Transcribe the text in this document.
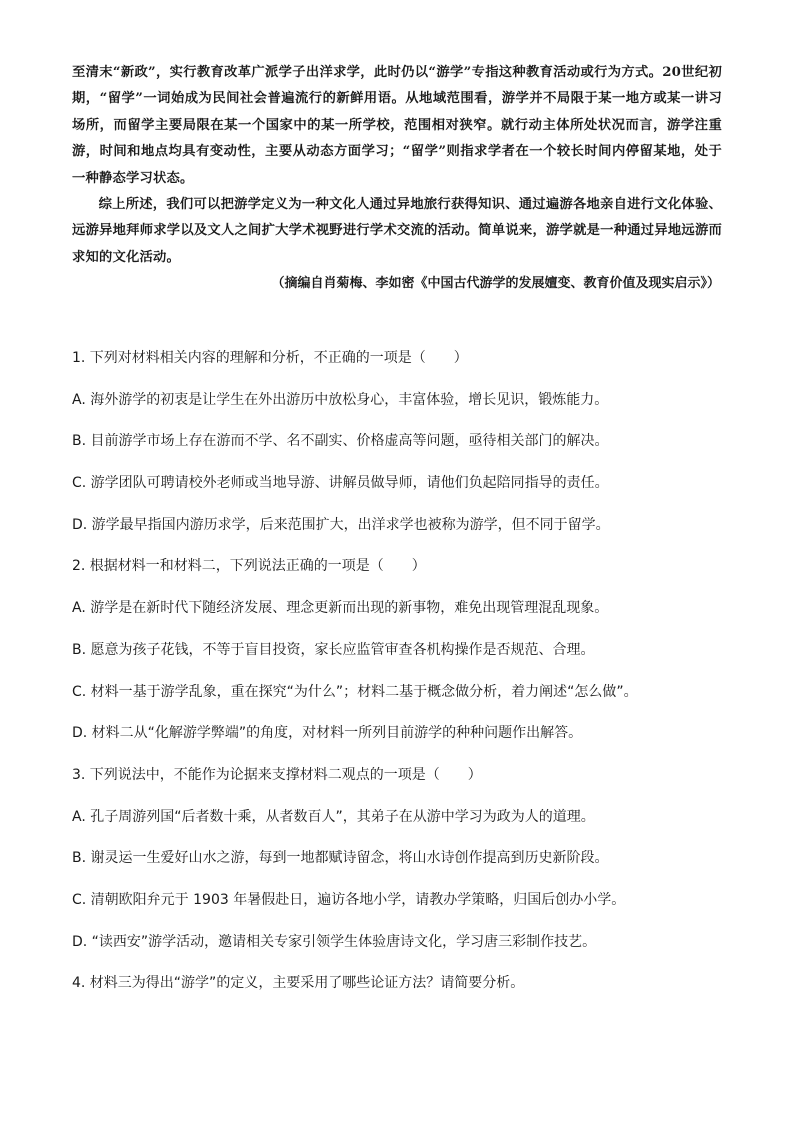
至清末“新政”，实行教育改革广派学子出洋求学，此时仍以“游学”专指这种教育活动或行为方式。20世纪初期，“留学”一词始成为民间社会普遍流行的新鲜用语。从地域范围看，游学并不局限于某一地方或某一讲习场所，而留学主要局限在某一个国家中的某一所学校，范围相对狭窄。就行动主体所处状况而言，游学注重游，时间和地点均具有变动性，主要从动态方面学习；“留学”则指求学者在一个较长时间内停留某地，处于一种静态学习状态。

综上所述，我们可以把游学定义为一种文化人通过异地旅行获得知识、通过遍游各地亲自进行文化体验、远游异地拜师求学以及文人之间扩大学术视野进行学术交流的活动。简单说来，游学就是一种通过异地远游而求知的文化活动。

（摘编自肖菊梅、李如密《中国古代游学的发展嬗变、教育价值及现实启示》）

1. 下列对材料相关内容的理解和分析，不正确的一项是（　　）
A. 海外游学的初衷是让学生在外出游历中放松身心，丰富体验，增长见识，锻炼能力。
B. 目前游学市场上存在游而不学、名不副实、价格虚高等问题，亟待相关部门的解决。
C. 游学团队可聘请校外老师或当地导游、讲解员做导师，请他们负起陪同指导的责任。
D. 游学最早指国内游历求学，后来范围扩大，出洋求学也被称为游学，但不同于留学。
2. 根据材料一和材料二，下列说法正确的一项是（　　）
A. 游学是在新时代下随经济发展、理念更新而出现的新事物，难免出现管理混乱现象。
B. 愿意为孩子花钱，不等于盲目投资，家长应监管审查各机构操作是否规范、合理。
C. 材料一基于游学乱象，重在探究“为什么”；材料二基于概念做分析，着力阐述“怎么做”。
D. 材料二从“化解游学弊端”的角度，对材料一所列目前游学的种种问题作出解答。
3. 下列说法中，不能作为论据来支撑材料二观点的一项是（　　）
A. 孔子周游列国“后者数十乘，从者数百人”，其弟子在从游中学习为政为人的道理。
B. 谢灵运一生爱好山水之游，每到一地都赋诗留念，将山水诗创作提高到历史新阶段。
C. 清朝欧阳弁元于 1903 年暑假赴日，遍访各地小学，请教办学策略，归国后创办小学。
D. “读西安”游学活动，邀请相关专家引领学生体验唐诗文化，学习唐三彩制作技艺。
4. 材料三为得出“游学”的定义，主要采用了哪些论证方法？请简要分析。
